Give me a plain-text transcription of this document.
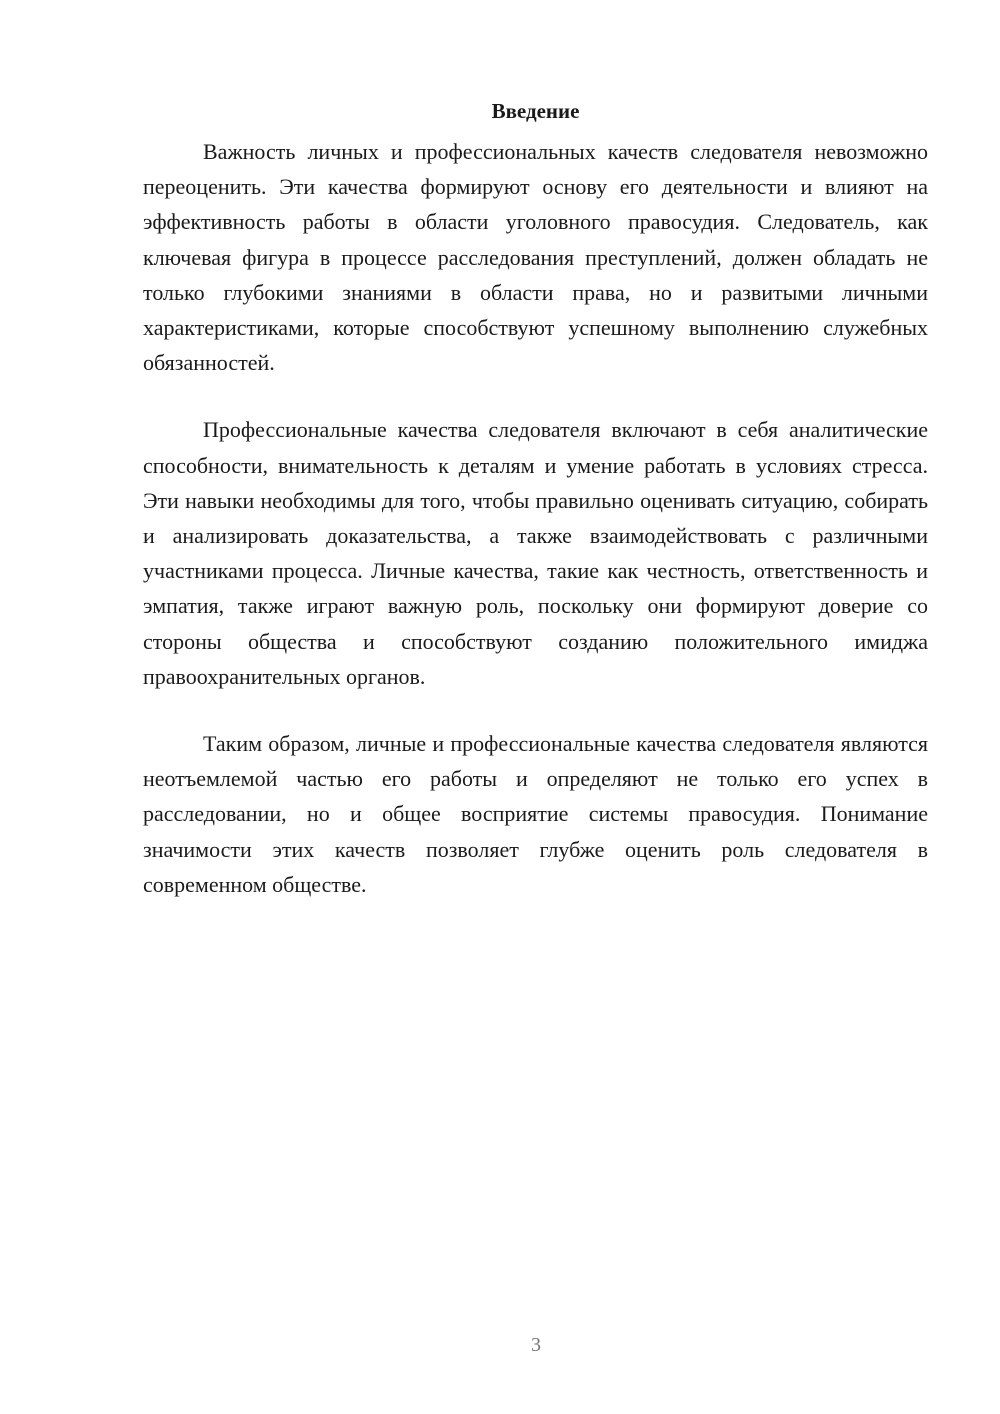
Введение

Важность личных и профессиональных качеств следователя невозможно переоценить. Эти качества формируют основу его деятельности и влияют на эффективность работы в области уголовного правосудия. Следователь, как ключевая фигура в процессе расследования преступлений, должен обладать не только глубокими знаниями в области права, но и развитыми личными характеристиками, которые способствуют успешному выполнению служебных обязанностей.

Профессиональные качества следователя включают в себя аналитические способности, внимательность к деталям и умение работать в условиях стресса. Эти навыки необходимы для того, чтобы правильно оценивать ситуацию, собирать и анализировать доказательства, а также взаимодействовать с различными участниками процесса. Личные качества, такие как честность, ответственность и эмпатия, также играют важную роль, поскольку они формируют доверие со стороны общества и способствуют созданию положительного имиджа правоохранительных органов.

Таким образом, личные и профессиональные качества следователя являются неотъемлемой частью его работы и определяют не только его успех в расследовании, но и общее восприятие системы правосудия. Понимание значимости этих качеств позволяет глубже оценить роль следователя в современном обществе.

3
